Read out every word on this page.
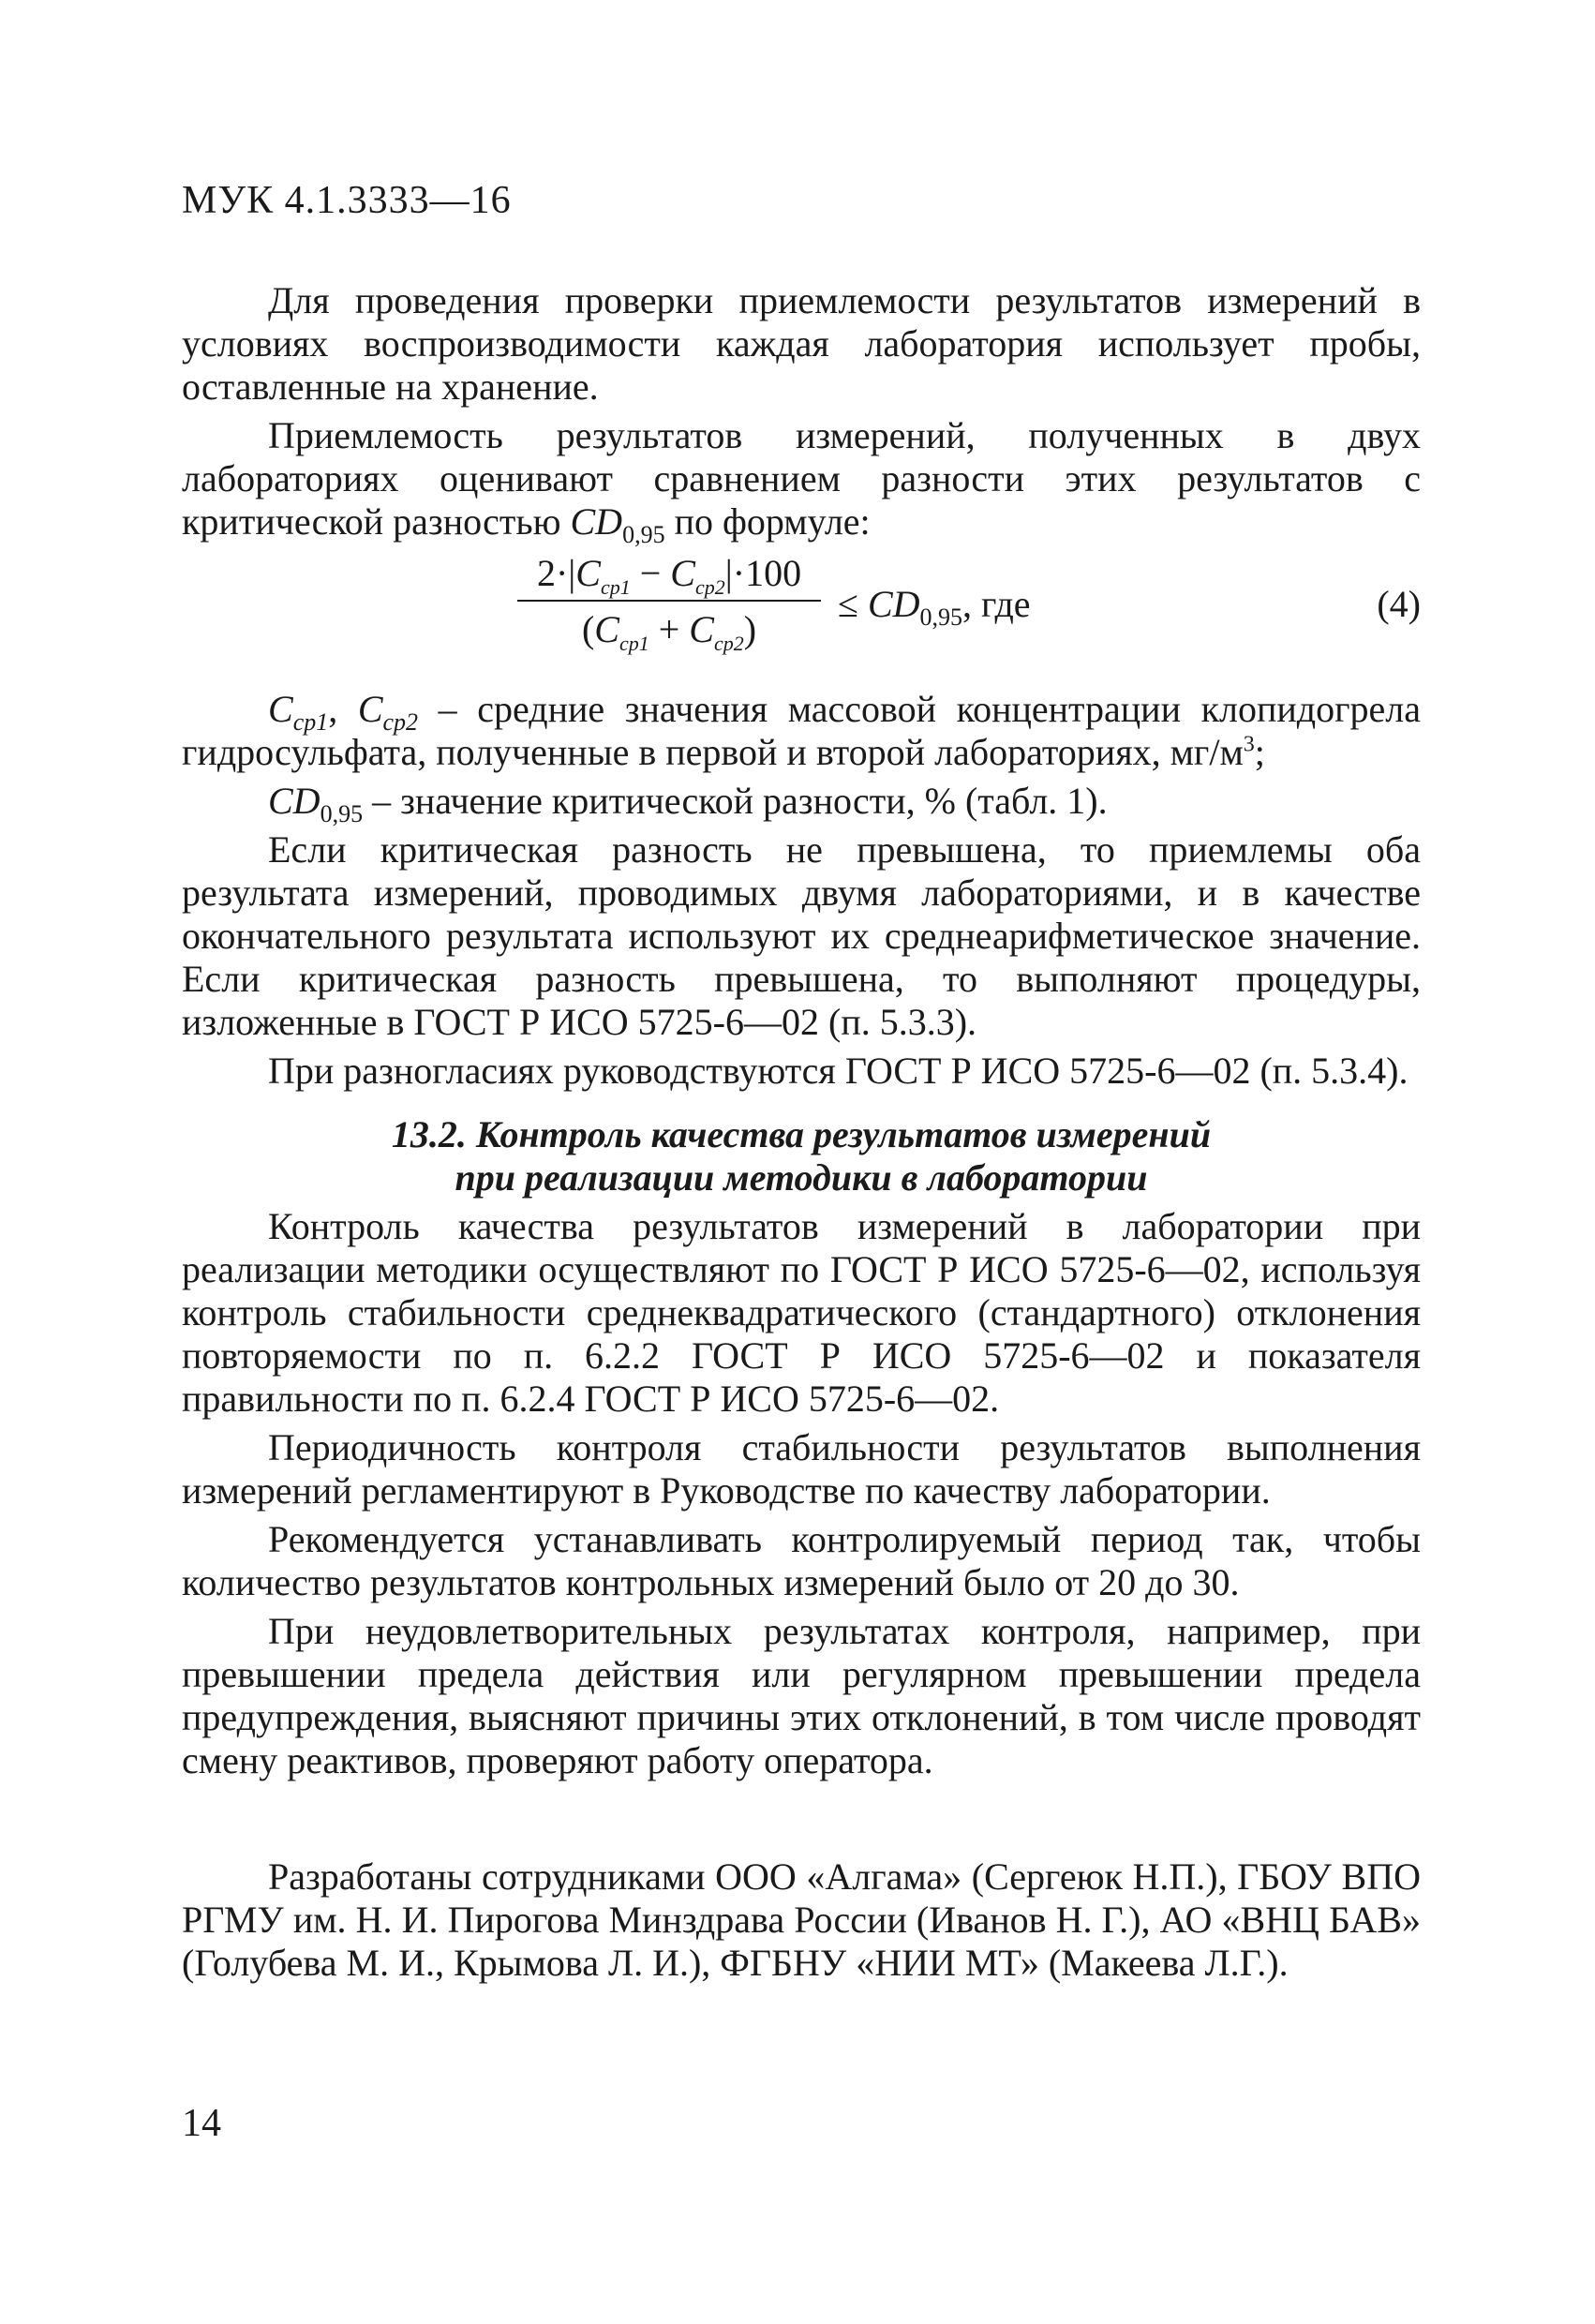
МУК 4.1.3333—16

Для проведения проверки приемлемости результатов измерений в условиях воспроизводимости каждая лаборатория использует пробы, оставленные на хранение.

Приемлемость результатов измерений, полученных в двух лабораториях оценивают сравнением разности этих результатов с критической разностью $CD_{0,95}$ по формуле:

$2\cdot|C_{ср1} - C_{ср2}|\cdot 100$
$(C_{ср1} + C_{ср2})$
≤ $CD_{0,95}$, где	(4)

$C_{ср1}$, $C_{ср2}$ – средние значения массовой концентрации клопидогрела гидросульфата, полученные в первой и второй лабораториях, $мг/м^3$;

$CD_{0,95}$ – значение критической разности, % (табл. 1).

Если критическая разность не превышена, то приемлемы оба результата измерений, проводимых двумя лабораториями, и в качестве окончательного результата используют их среднеарифметическое значение. Если критическая разность превышена, то выполняют процедуры, изложенные в ГОСТ Р ИСО 5725-6—02 (п. 5.3.3).

При разногласиях руководствуются ГОСТ Р ИСО 5725-6—02 (п. 5.3.4).

13.2. Контроль качества результатов измерений
при реализации методики в лаборатории

Контроль качества результатов измерений в лаборатории при реализации методики осуществляют по ГОСТ Р ИСО 5725-6—02, используя контроль стабильности среднеквадратического (стандартного) отклонения повторяемости по п. 6.2.2 ГОСТ Р ИСО 5725-6—02 и показателя правильности по п. 6.2.4 ГОСТ Р ИСО 5725-6—02.

Периодичность контроля стабильности результатов выполнения измерений регламентируют в Руководстве по качеству лаборатории.

Рекомендуется устанавливать контролируемый период так, чтобы количество результатов контрольных измерений было от 20 до 30.

При неудовлетворительных результатах контроля, например, при превышении предела действия или регулярном превышении предела предупреждения, выясняют причины этих отклонений, в том числе проводят смену реактивов, проверяют работу оператора.

Разработаны сотрудниками ООО «Алгама» (Сергеюк Н.П.), ГБОУ ВПО РГМУ им. Н. И. Пирогова Минздрава России (Иванов Н. Г.), АО «ВНЦ БАВ» (Голубева М. И., Крымова Л. И.), ФГБНУ «НИИ МТ» (Макеева Л.Г.).

14
